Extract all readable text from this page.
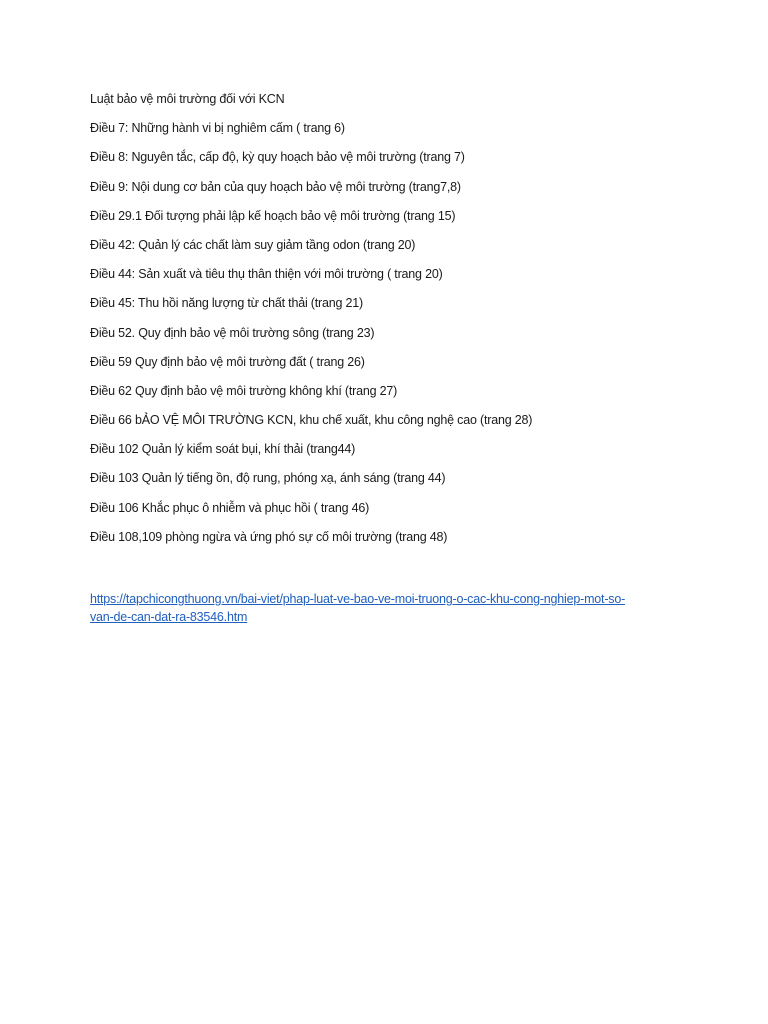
Luật bảo vệ môi trường đối với KCN
Điều 7: Những hành vi bị nghiêm cấm ( trang 6)
Điều 8: Nguyên tắc, cấp độ, kỳ quy hoạch bảo vệ môi trường (trang 7)
Điều 9: Nội dung cơ bản của quy hoạch bảo vệ môi trường (trang7,8)
Điều 29.1 Đối tượng phải lập kế hoạch bảo vệ môi trường (trang 15)
Điều 42: Quản lý các chất làm suy giảm tầng odon (trang 20)
Điều 44: Sản xuất và tiêu thụ thân thiện với môi trường ( trang 20)
Điều 45: Thu hồi năng lượng từ chất thải (trang 21)
Điều 52. Quy định bảo vệ môi trường sông (trang 23)
Điều 59 Quy định bảo vệ môi trường đất ( trang 26)
Điều 62 Quy định bảo vệ môi trường không khí (trang 27)
Điều 66 bẢO VỆ MÔI TRƯỜNG KCN, khu chế xuất, khu công nghệ cao (trang 28)
Điều 102 Quản lý kiểm soát bụi, khí thải (trang44)
Điều 103 Quản lý tiếng ồn, độ rung, phóng xạ, ánh sáng (trang 44)
Điều 106 Khắc phục ô nhiễm và phục hồi ( trang 46)
Điều 108,109 phòng ngừa và ứng phó sự cố môi trường (trang 48)
https://tapchicongthuong.vn/bai-viet/phap-luat-ve-bao-ve-moi-truong-o-cac-khu-cong-nghiep-mot-so-
van-de-can-dat-ra-83546.htm
